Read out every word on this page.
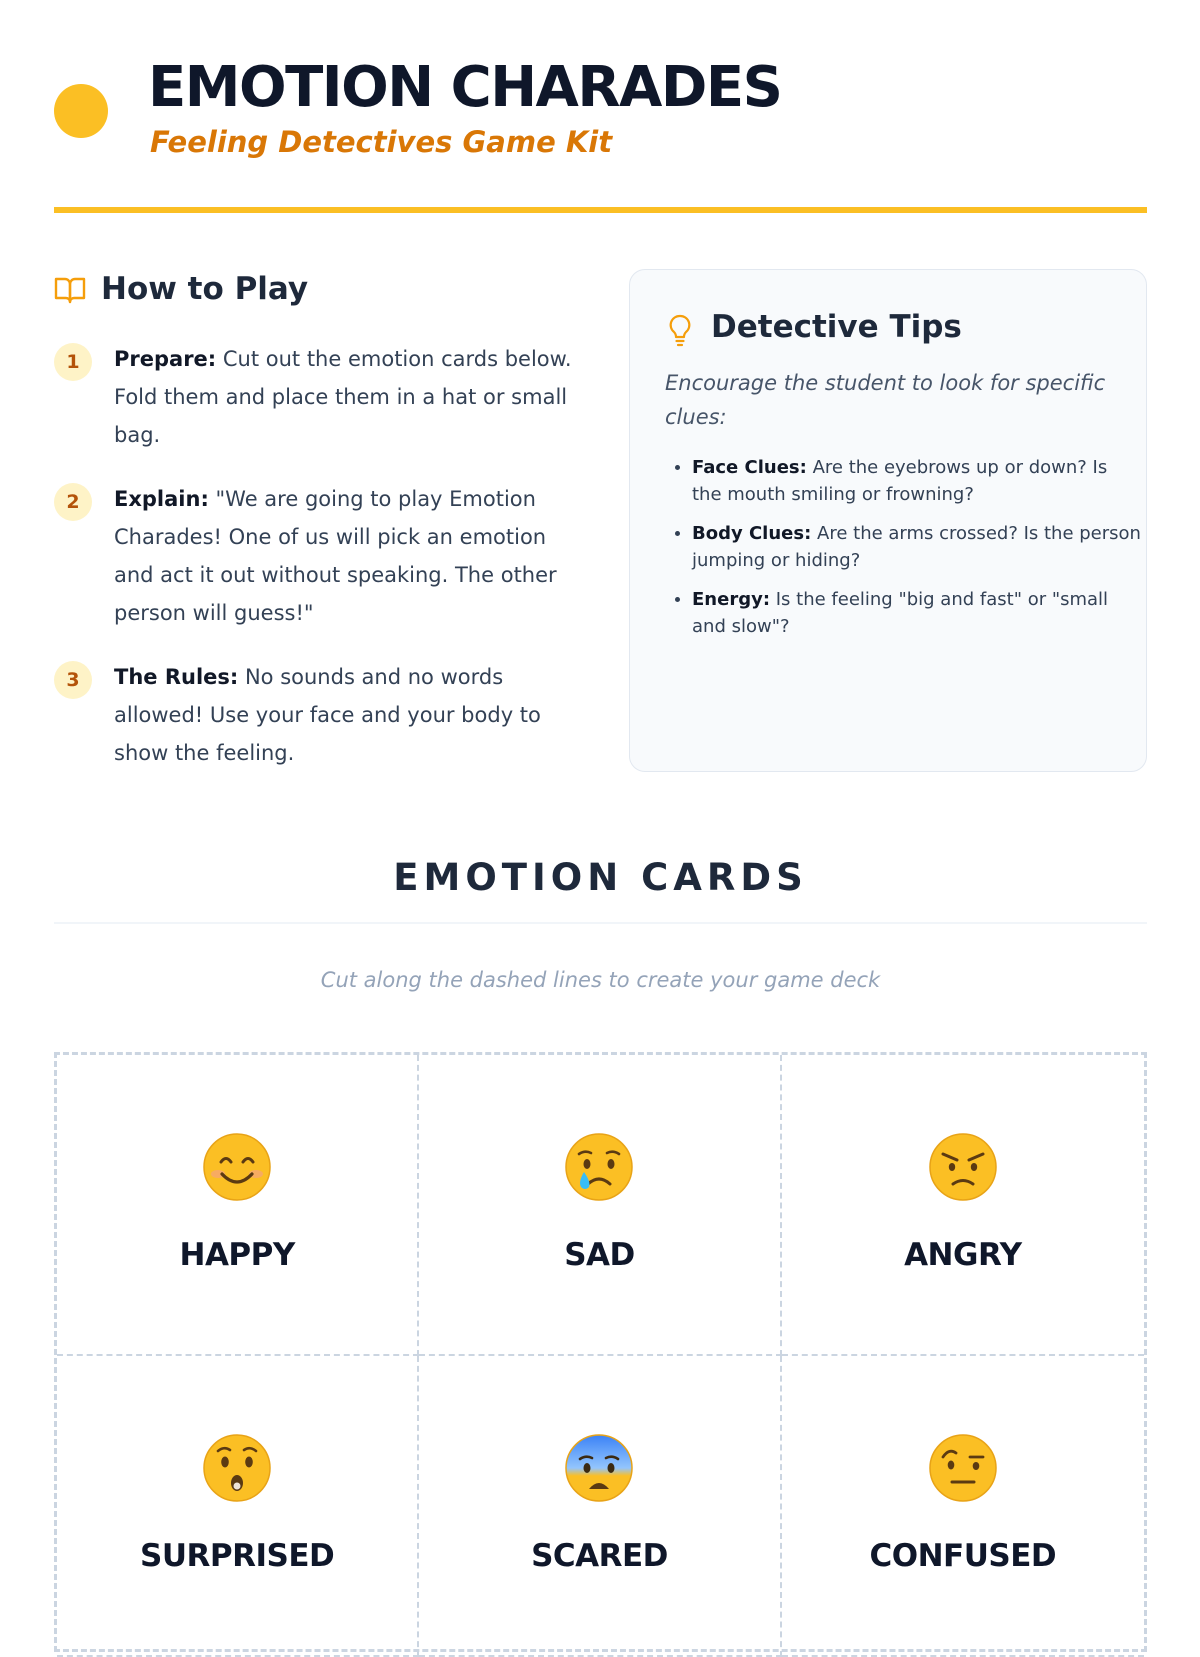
EMOTION CHARADES
Feeling Detectives Game Kit
How to Play
1	Prepare: Cut out the emotion cards below. Fold them and place them in a hat or small bag.
2	Explain: "We are going to play Emotion Charades! One of us will pick an emotion and act it out without speaking. The other person will guess!"
3	The Rules: No sounds and no words allowed! Use your face and your body to show the feeling.
Detective Tips

Encourage the student to look for specific clues:

• Face Clues: Are the eyebrows up or down? Is the mouth smiling or frowning?
• Body Clues: Are the arms crossed? Is the person jumping or hiding?
• Energy: Is the feeling "big and fast" or "small and slow"?
EMOTION CARDS
Cut along the dashed lines to create your game deck
HAPPY	SAD	ANGRY
SURPRISED	SCARED	CONFUSED
